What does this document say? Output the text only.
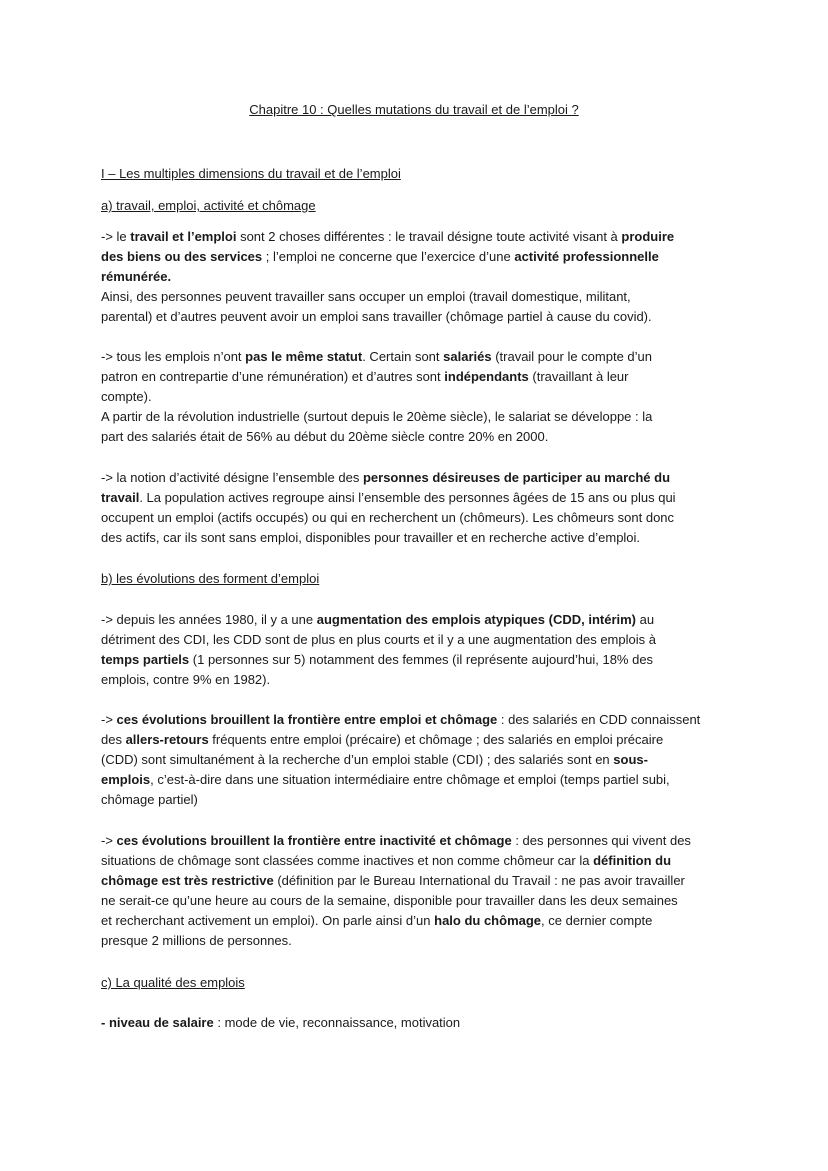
Chapitre 10 : Quelles mutations du travail et de l’emploi ?
I – Les multiples dimensions du travail et de l’emploi
a) travail, emploi, activité et chômage
b) les évolutions des forment d’emploi
c) La qualité des emplois
-> le travail et l’emploi sont 2 choses différentes : le travail désigne toute activité visant à produire
des biens ou des services ; l’emploi ne concerne que l’exercice d’une activité professionnelle
rémunérée.
Ainsi, des personnes peuvent travailler sans occuper un emploi (travail domestique, militant,
parental) et d’autres peuvent avoir un emploi sans travailler (chômage partiel à cause du covid).
-> tous les emplois n’ont pas le même statut. Certain sont salariés (travail pour le compte d’un
patron en contrepartie d’une rémunération) et d’autres sont indépendants (travaillant à leur
compte).
A partir de la révolution industrielle (surtout depuis le 20ème siècle), le salariat se développe : la
part des salariés était de 56% au début du 20ème siècle contre 20% en 2000.
-> la notion d’activité désigne l’ensemble des personnes désireuses de participer au marché du
travail. La population actives regroupe ainsi l’ensemble des personnes âgées de 15 ans ou plus qui
occupent un emploi (actifs occupés) ou qui en recherchent un (chômeurs). Les chômeurs sont donc
des actifs, car ils sont sans emploi, disponibles pour travailler et en recherche active d’emploi.
-> depuis les années 1980, il y a une augmentation des emplois atypiques (CDD, intérim) au
détriment des CDI, les CDD sont de plus en plus courts et il y a une augmentation des emplois à
temps partiels (1 personnes sur 5) notamment des femmes (il représente aujourd’hui, 18% des
emplois, contre 9% en 1982).
-> ces évolutions brouillent la frontière entre emploi et chômage : des salariés en CDD connaissent
des allers-retours fréquents entre emploi (précaire) et chômage ; des salariés en emploi précaire
(CDD) sont simultanément à la recherche d’un emploi stable (CDI) ; des salariés sont en sous-
emplois, c’est-à-dire dans une situation intermédiaire entre chômage et emploi (temps partiel subi,
chômage partiel)
-> ces évolutions brouillent la frontière entre inactivité et chômage : des personnes qui vivent des
situations de chômage sont classées comme inactives et non comme chômeur car la définition du
chômage est très restrictive (définition par le Bureau International du Travail : ne pas avoir travailler
ne serait-ce qu’une heure au cours de la semaine, disponible pour travailler dans les deux semaines
et recherchant activement un emploi). On parle ainsi d’un halo du chômage, ce dernier compte
presque 2 millions de personnes.
- niveau de salaire : mode de vie, reconnaissance, motivation
